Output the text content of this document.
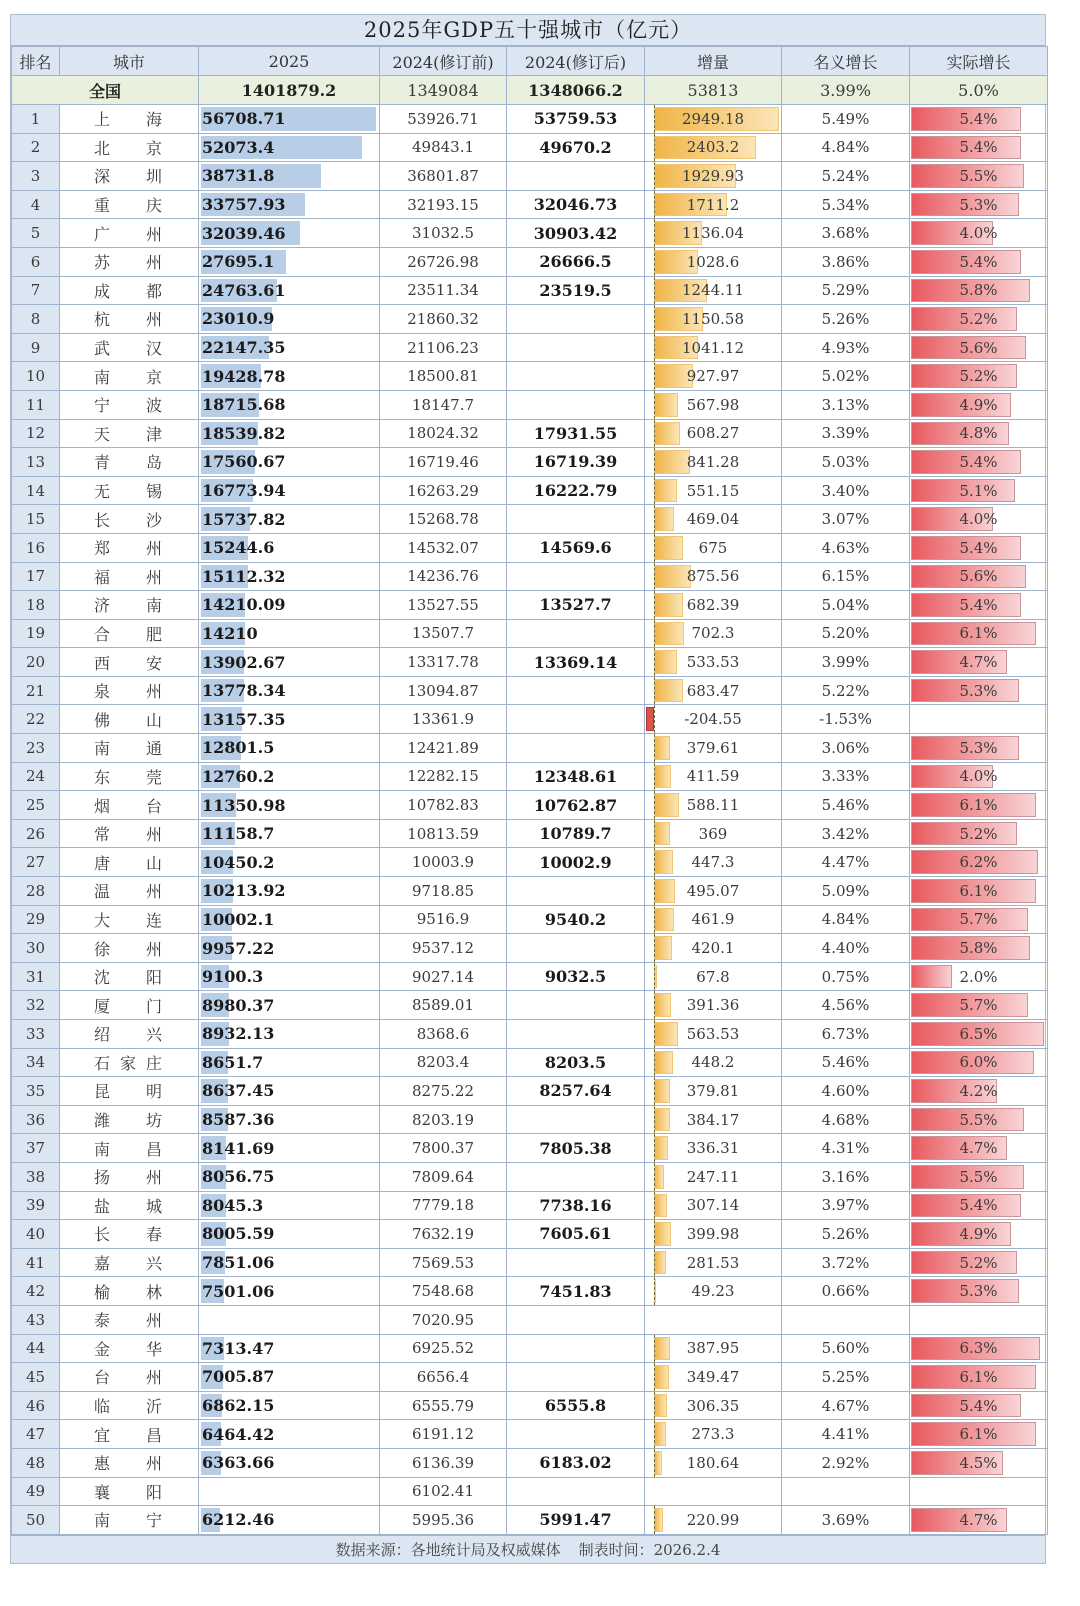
2025年GDP五十强城市（亿元）
排名	城市	2025	2024(修订前)	2024(修订后)	增量	名义增长	实际增长
全国		1401879.2	1349084	1348066.2	53813	3.99%	5.0%
1	上 海	56708.71	53926.71	53759.53	2949.18	5.49%	5.4%
2	北 京	52073.4	49843.1	49670.2	2403.2	4.84%	5.4%
3	深 圳	38731.8	36801.87		1929.93	5.24%	5.5%
4	重 庆	33757.93	32193.15	32046.73	1711.2	5.34%	5.3%
5	广 州	32039.46	31032.5	30903.42	1136.04	3.68%	4.0%
6	苏 州	27695.1	26726.98	26666.5	1028.6	3.86%	5.4%
7	成 都	24763.61	23511.34	23519.5	1244.11	5.29%	5.8%
8	杭 州	23010.9	21860.32		1150.58	5.26%	5.2%
9	武 汉	22147.35	21106.23		1041.12	4.93%	5.6%
10	南 京	19428.78	18500.81		927.97	5.02%	5.2%
11	宁 波	18715.68	18147.7		567.98	3.13%	4.9%
12	天 津	18539.82	18024.32	17931.55	608.27	3.39%	4.8%
13	青 岛	17560.67	16719.46	16719.39	841.28	5.03%	5.4%
14	无 锡	16773.94	16263.29	16222.79	551.15	3.40%	5.1%
15	长 沙	15737.82	15268.78		469.04	3.07%	4.0%
16	郑 州	15244.6	14532.07	14569.6	675	4.63%	5.4%
17	福 州	15112.32	14236.76		875.56	6.15%	5.6%
18	济 南	14210.09	13527.55	13527.7	682.39	5.04%	5.4%
19	合 肥	14210	13507.7		702.3	5.20%	6.1%
20	西 安	13902.67	13317.78	13369.14	533.53	3.99%	4.7%
21	泉 州	13778.34	13094.87		683.47	5.22%	5.3%
22	佛 山	13157.35	13361.9		-204.55	-1.53%	
23	南 通	12801.5	12421.89		379.61	3.06%	5.3%
24	东 莞	12760.2	12282.15	12348.61	411.59	3.33%	4.0%
25	烟 台	11350.98	10782.83	10762.87	588.11	5.46%	6.1%
26	常 州	11158.7	10813.59	10789.7	369	3.42%	5.2%
27	唐 山	10450.2	10003.9	10002.9	447.3	4.47%	6.2%
28	温 州	10213.92	9718.85		495.07	5.09%	6.1%
29	大 连	10002.1	9516.9	9540.2	461.9	4.84%	5.7%
30	徐 州	9957.22	9537.12		420.1	4.40%	5.8%
31	沈 阳	9100.3	9027.14	9032.5	67.8	0.75%	2.0%
32	厦 门	8980.37	8589.01		391.36	4.56%	5.7%
33	绍 兴	8932.13	8368.6		563.53	6.73%	6.5%
34	石 家 庄	8651.7	8203.4	8203.5	448.2	5.46%	6.0%
35	昆 明	8637.45	8275.22	8257.64	379.81	4.60%	4.2%
36	潍 坊	8587.36	8203.19		384.17	4.68%	5.5%
37	南 昌	8141.69	7800.37	7805.38	336.31	4.31%	4.7%
38	扬 州	8056.75	7809.64		247.11	3.16%	5.5%
39	盐 城	8045.3	7779.18	7738.16	307.14	3.97%	5.4%
40	长 春	8005.59	7632.19	7605.61	399.98	5.26%	4.9%
41	嘉 兴	7851.06	7569.53		281.53	3.72%	5.2%
42	榆 林	7501.06	7548.68	7451.83	49.23	0.66%	5.3%
43	泰 州		7020.95				
44	金 华	7313.47	6925.52		387.95	5.60%	6.3%
45	台 州	7005.87	6656.4		349.47	5.25%	6.1%
46	临 沂	6862.15	6555.79	6555.8	306.35	4.67%	5.4%
47	宜 昌	6464.42	6191.12		273.3	4.41%	6.1%
48	惠 州	6363.66	6136.39	6183.02	180.64	2.92%	4.5%
49	襄 阳		6102.41				
50	南 宁	6212.46	5995.36	5991.47	220.99	3.69%	4.7%
数据来源：各地统计局及权威媒体 制表时间：2026.2.4
